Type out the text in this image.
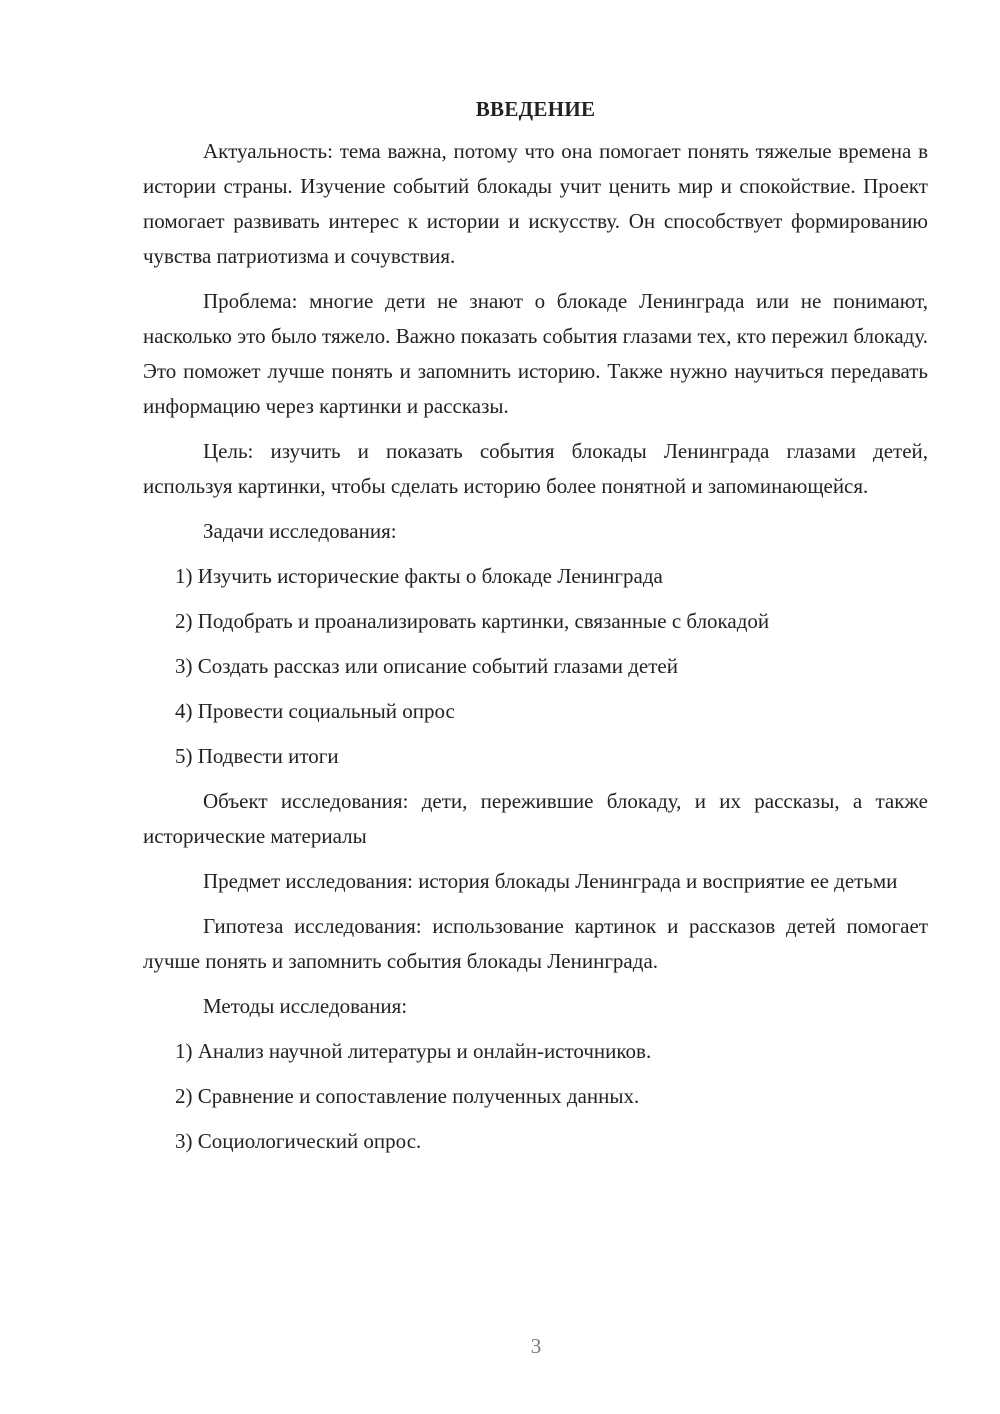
ВВЕДЕНИЕ
Актуальность: тема важна, потому что она помогает понять тяжелые времена в истории страны. Изучение событий блокады учит ценить мир и спокойствие. Проект помогает развивать интерес к истории и искусству. Он способствует формированию чувства патриотизма и сочувствия.
Проблема: многие дети не знают о блокаде Ленинграда или не понимают, насколько это было тяжело. Важно показать события глазами тех, кто пережил блокаду. Это поможет лучше понять и запомнить историю. Также нужно научиться передавать информацию через картинки и рассказы.
Цель: изучить и показать события блокады Ленинграда глазами детей, используя картинки, чтобы сделать историю более понятной и запоминающейся.
Задачи исследования:
1) Изучить исторические факты о блокаде Ленинграда
2) Подобрать и проанализировать картинки, связанные с блокадой
3) Создать рассказ или описание событий глазами детей
4) Провести социальный опрос
5) Подвести итоги
Объект исследования: дети, пережившие блокаду, и их рассказы, а также исторические материалы
Предмет исследования: история блокады Ленинграда и восприятие ее детьми
Гипотеза исследования: использование картинок и рассказов детей помогает лучше понять и запомнить события блокады Ленинграда.
Методы исследования:
1) Анализ научной литературы и онлайн-источников.
2) Сравнение и сопоставление полученных данных.
3) Социологический опрос.
3
